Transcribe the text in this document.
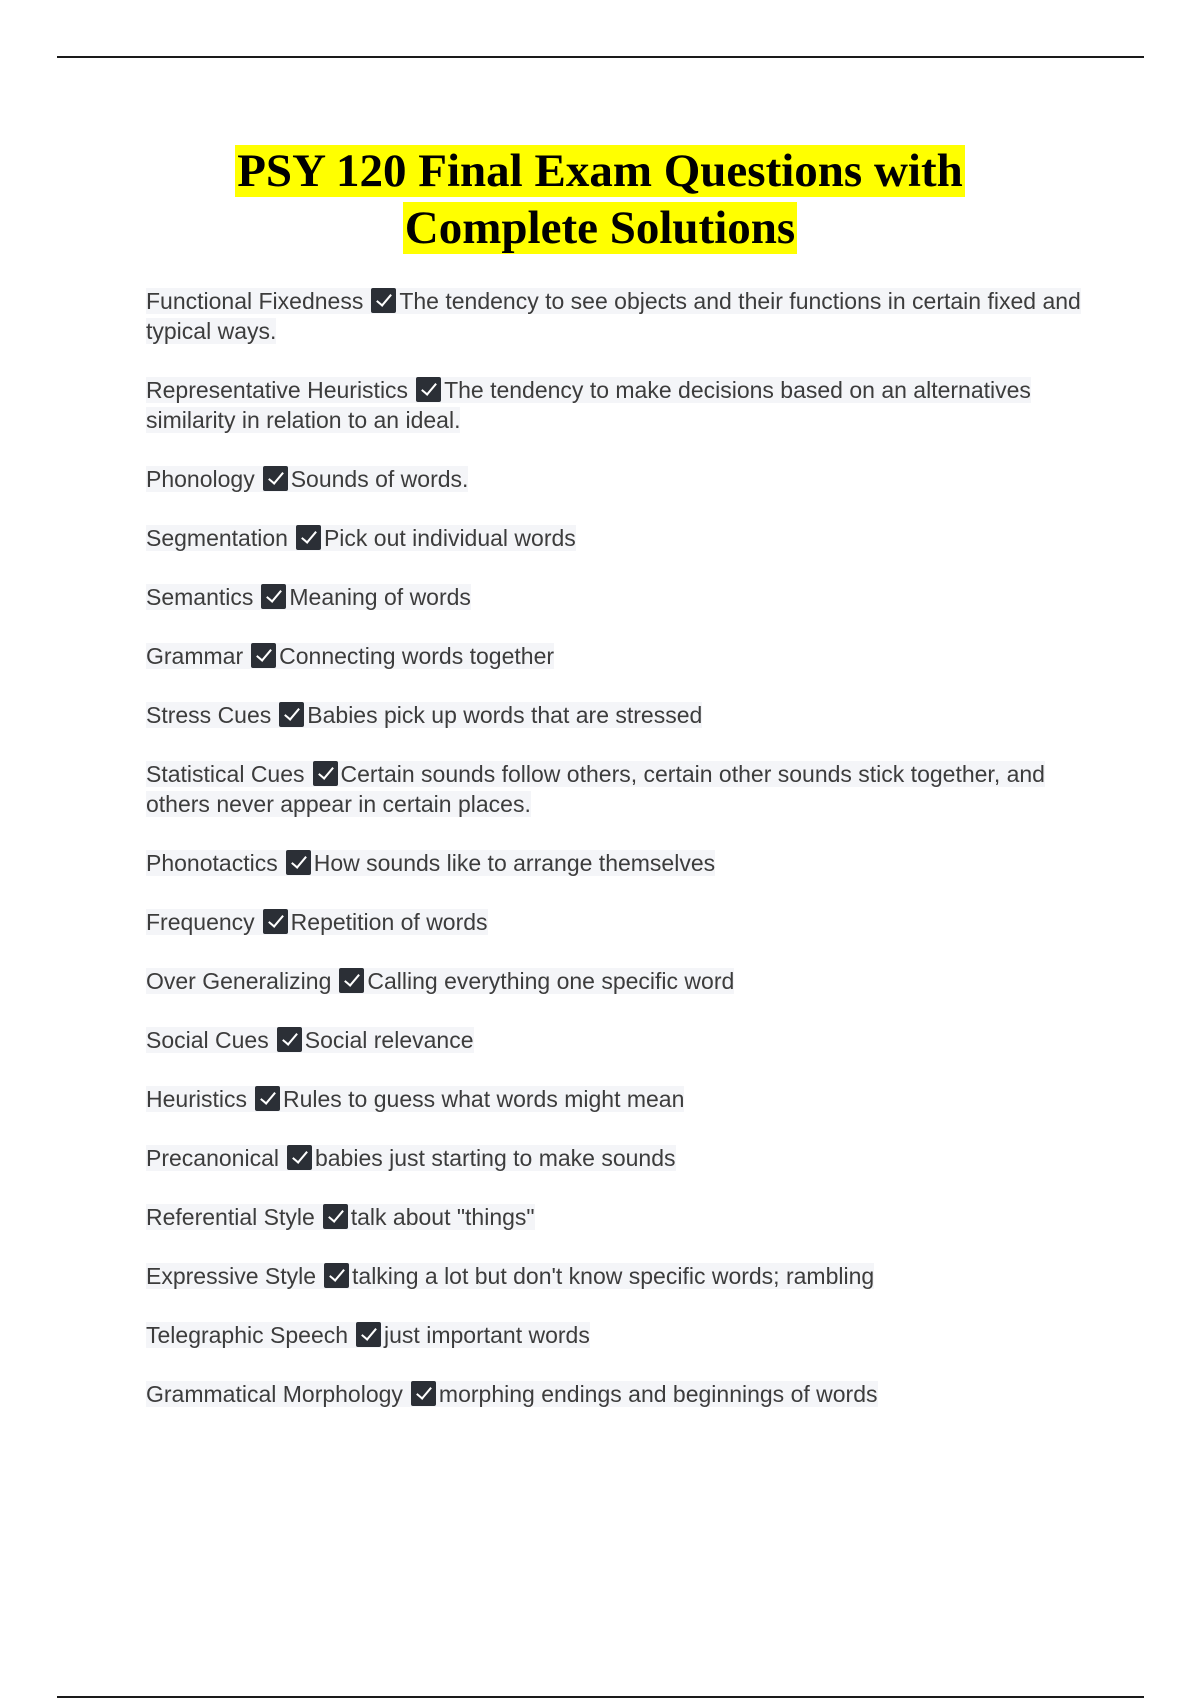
PSY 120 Final Exam Questions with
Complete Solutions
Functional Fixedness The tendency to see objects and their functions in certain fixed and typical ways.
Representative Heuristics The tendency to make decisions based on an alternatives similarity in relation to an ideal.
Phonology Sounds of words.
Segmentation Pick out individual words
Semantics Meaning of words
Grammar Connecting words together
Stress Cues Babies pick up words that are stressed
Statistical Cues Certain sounds follow others, certain other sounds stick together, and others never appear in certain places.
Phonotactics How sounds like to arrange themselves
Frequency Repetition of words
Over Generalizing Calling everything one specific word
Social Cues Social relevance
Heuristics Rules to guess what words might mean
Precanonical babies just starting to make sounds
Referential Style talk about "things"
Expressive Style talking a lot but don't know specific words; rambling
Telegraphic Speech just important words
Grammatical Morphology morphing endings and beginnings of words
